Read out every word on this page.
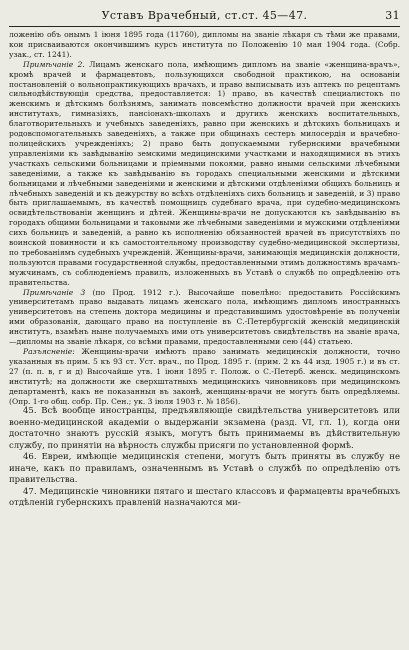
Уставъ Врачебный, ст.ст. 45—47.	31

ложенію объ онымъ 1 іюня 1895 года (11760), дипломы на званіе лѣкаря съ тѣми же правами, кои присваиваются окончившимъ курсъ института по Положенію 10 мая 1904 года. (Собр. узак., ст. 1241).

Примѣчаніе 2. Лицамъ женскаго пола, имѣющимъ дипломъ на званіе «женщина-врачъ», кромѣ врачей и фармацевтовъ, пользующихся свободной практикою, на основаніи постановленій о вольнопрактикующихъ врачахъ, и право выписывать изъ аптекъ по рецептамъ сильнодѣйствующія средства, предоставляется: 1) право, въ качествѣ специалистокъ по женскимъ и дѣтскимъ болѣзнямъ, занимать повсемѣстно должности врачей при женскихъ институтахъ, гимназіяхъ, пансіонахъ-школахъ и другихъ женскихъ воспитательныхъ, благотворительныхъ и учебныхъ заведеніяхъ, равно при женскихъ и дѣтскихъ больницахъ и родовспомогательныхъ заведеніяхъ, а также при общинахъ сестеръ милосердія и врачебно-полицейскихъ учрежденіяхъ; 2) право быть допускаемыми губернскими врачебными управленіями къ завѣдыванію земскими медицинскими участками и находящимися въ этихъ участкахъ сельскими больницами и пріемными покоями, равно иными сельскими лѣчебными заведеніями, а также къ завѣдыванію въ городахъ специальными женскими и дѣтскими больницами и лѣчебными заведеніями и женскими и дѣтскими отдѣленіями общихъ больницъ и лѣчебныхъ заведеній и къ дежурству во всѣхъ отдѣленіяхъ сихъ больницъ и заведеній, и 3) право быть приглашаемымъ, въ качествѣ помощницъ судебнаго врача, при судебно-медицинскомъ освидѣтельствованіи женщинъ и дѣтей. Женщины-врачи не допускаются къ завѣдыванію въ городахъ общими больницами и таковыми же лѣчебными заведеніями и мужскими отдѣленіями сихъ больницъ и заведеній, а равно къ исполненію обязанностей врачей въ присутствіяхъ по воинской повинности и къ самостоятельному производству судебно-медицинской экспертизы, по требованіямъ судебныхъ учрежденій. Женщины-врачи, занимающія медицинскія должности, пользуются правами государственной службы, предоставленными этимъ должностямъ врачамъ-мужчинамъ, съ соблюденіемъ правилъ, изложенныхъ въ Уставѣ о службѣ по опредѣленію отъ правительства.

Примѣчаніе 3 (по Прод. 1912 г.). Высочайше повелѣно: предоставить Россійскимъ университетамъ право выдавать лицамъ женскаго пола, имѣющимъ дипломъ иностранныхъ университетовъ на степень доктора медицины и представившимъ удостовѣреніе въ полученіи ими образованія, дающаго право на поступленіе въ С.-Петербургскій женскій медицинскій институтъ, взамѣнъ ныне получаемыхъ ими отъ университетовъ свидѣтельствъ на званіе врача,—дипломы на званіе лѣкаря, со всѣми правами, предоставленными сею (44) статьею.

Разъясненіе: Женщины-врачи имѣютъ право занимать медицинскія должности, точно указанныя въ прим. 5 къ 93 ст. Уст. врач., по Прод. 1895 г. (прим. 2 къ 44 изд. 1905 г.) и въ ст. 27 (п. п. в, г и д) Высочайше утв. 1 іюня 1895 г. Полож. о С.-Петерб. женск. медицинскомъ институтѣ; на должности же сверхштатныхъ медицинскихъ чиновниковъ при медицинскомъ департаментѣ, какъ не показанныя въ законѣ, женщины-врачи не могутъ быть опредѣляемы. (Опр. 1-го общ. собр. Пр. Сен.; ук. 3 іюля 1903 г. № 1856).

45. Всѣ вообще иностранцы, предъявляющіе свидѣтельства университетовъ или военно-медицинской академіи о выдержаніи экзамена (разд. VI, гл. 1), когда они достаточно знаютъ русскій языкъ, могутъ быть принимаемы въ дѣйствительную службу, по принятіи на вѣрность службы присяги по установленной формѣ.

46. Евреи, имѣющіе медицинскія степени, могутъ быть приняты въ службу не иначе, какъ по правиламъ, означеннымъ въ Уставѣ о службѣ по опредѣленію отъ правительства.

47. Медицинскіе чиновники пятаго и шестаго классовъ и фармацевты врачебныхъ отдѣленій губернскихъ правленій назначаются ми-
